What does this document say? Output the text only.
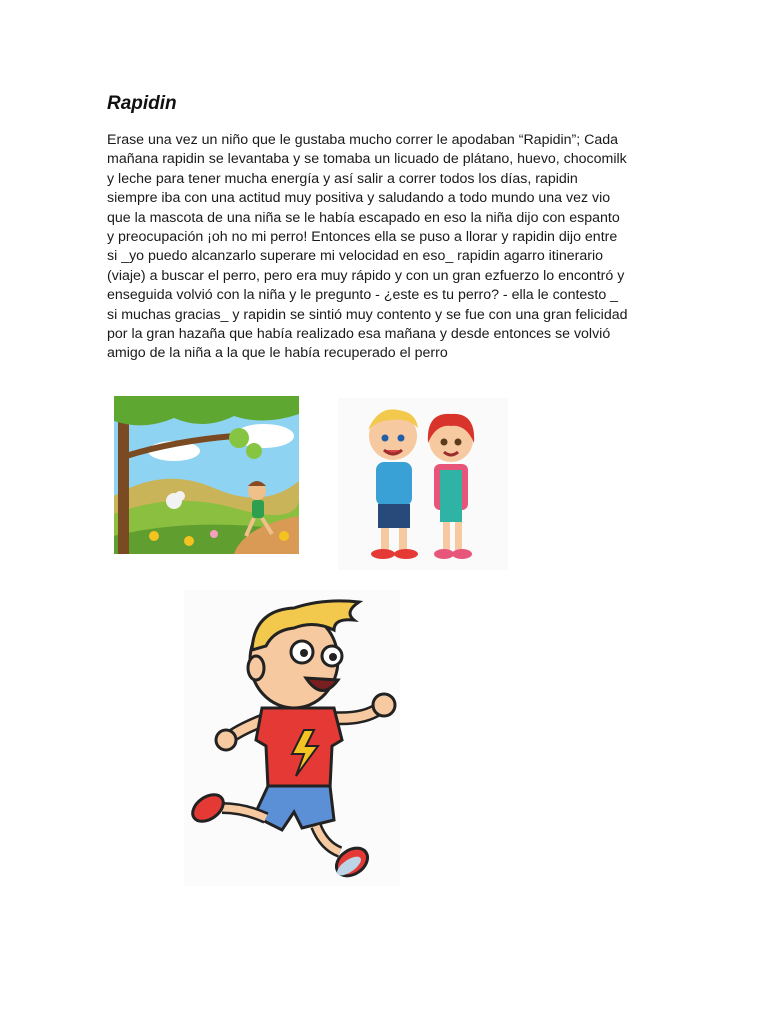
Rapidin
Erase una vez un niño que le gustaba mucho correr le apodaban “Rapidin”; Cada
mañana rapidin se levantaba y se tomaba un licuado de plátano, huevo, chocomilk
y leche para tener mucha energía y así salir a correr todos los días, rapidin
siempre iba con una actitud muy positiva y saludando a todo mundo una vez vio
que la mascota de una niña se le había escapado en eso la niña dijo con espanto
y preocupación ¡oh no mi perro! Entonces ella se puso a llorar y rapidin dijo entre
si _yo puedo alcanzarlo superare mi velocidad en eso_ rapidin agarro itinerario
(viaje) a buscar el perro, pero era muy rápido y con un gran ezfuerzo lo encontró y
enseguida volvió con la niña y le pregunto - ¿este es tu perro? - ella le contesto _
si muchas gracias_ y rapidin se sintió muy contento y se fue con una gran felicidad
por la gran hazaña que había realizado esa mañana y desde entonces se volvió
amigo de la niña a la que le había recuperado el perro
